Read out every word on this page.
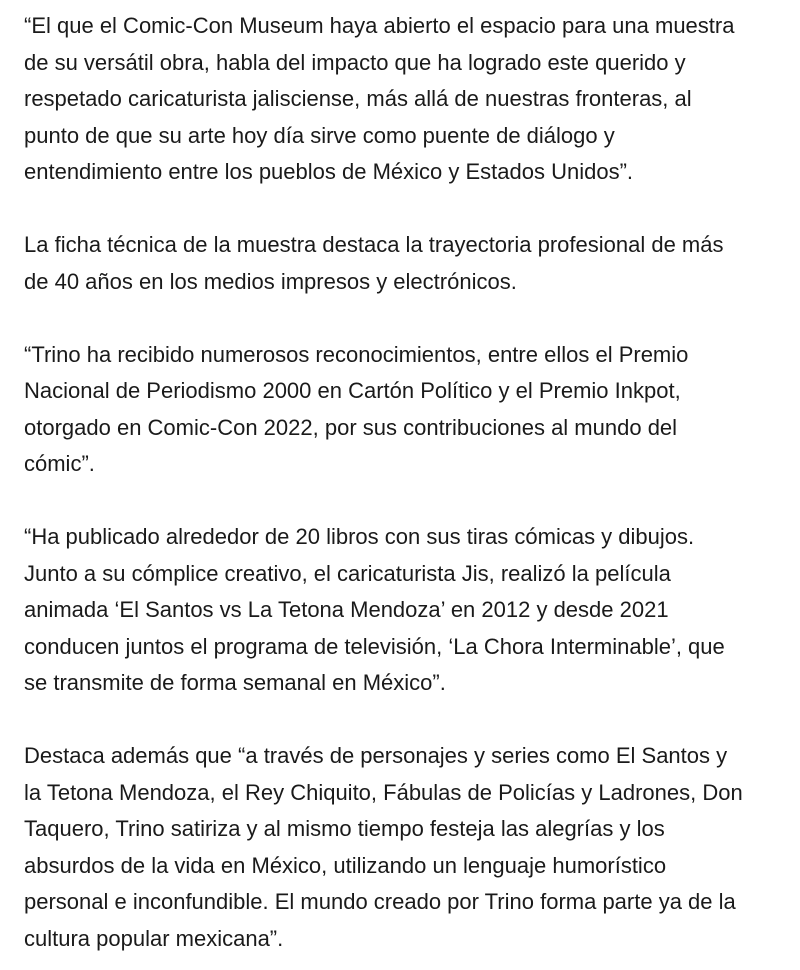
“El que el Comic-Con Museum haya abierto el espacio para una muestra
de su versátil obra, habla del impacto que ha logrado este querido y
respetado caricaturista jalisciense, más allá de nuestras fronteras, al
punto de que su arte hoy día sirve como puente de diálogo y
entendimiento entre los pueblos de México y Estados Unidos”.

La ficha técnica de la muestra destaca la trayectoria profesional de más
de 40 años en los medios impresos y electrónicos.

“Trino ha recibido numerosos reconocimientos, entre ellos el Premio
Nacional de Periodismo 2000 en Cartón Político y el Premio Inkpot,
otorgado en Comic-Con 2022, por sus contribuciones al mundo del
cómic”.

“Ha publicado alrededor de 20 libros con sus tiras cómicas y dibujos.
Junto a su cómplice creativo, el caricaturista Jis, realizó la película
animada ‘El Santos vs La Tetona Mendoza’ en 2012 y desde 2021
conducen juntos el programa de televisión, ‘La Chora Interminable’, que
se transmite de forma semanal en México”.

Destaca además que “a través de personajes y series como El Santos y
la Tetona Mendoza, el Rey Chiquito, Fábulas de Policías y Ladrones, Don
Taquero, Trino satiriza y al mismo tiempo festeja las alegrías y los
absurdos de la vida en México, utilizando un lenguaje humorístico
personal e inconfundible. El mundo creado por Trino forma parte ya de la
cultura popular mexicana”.
